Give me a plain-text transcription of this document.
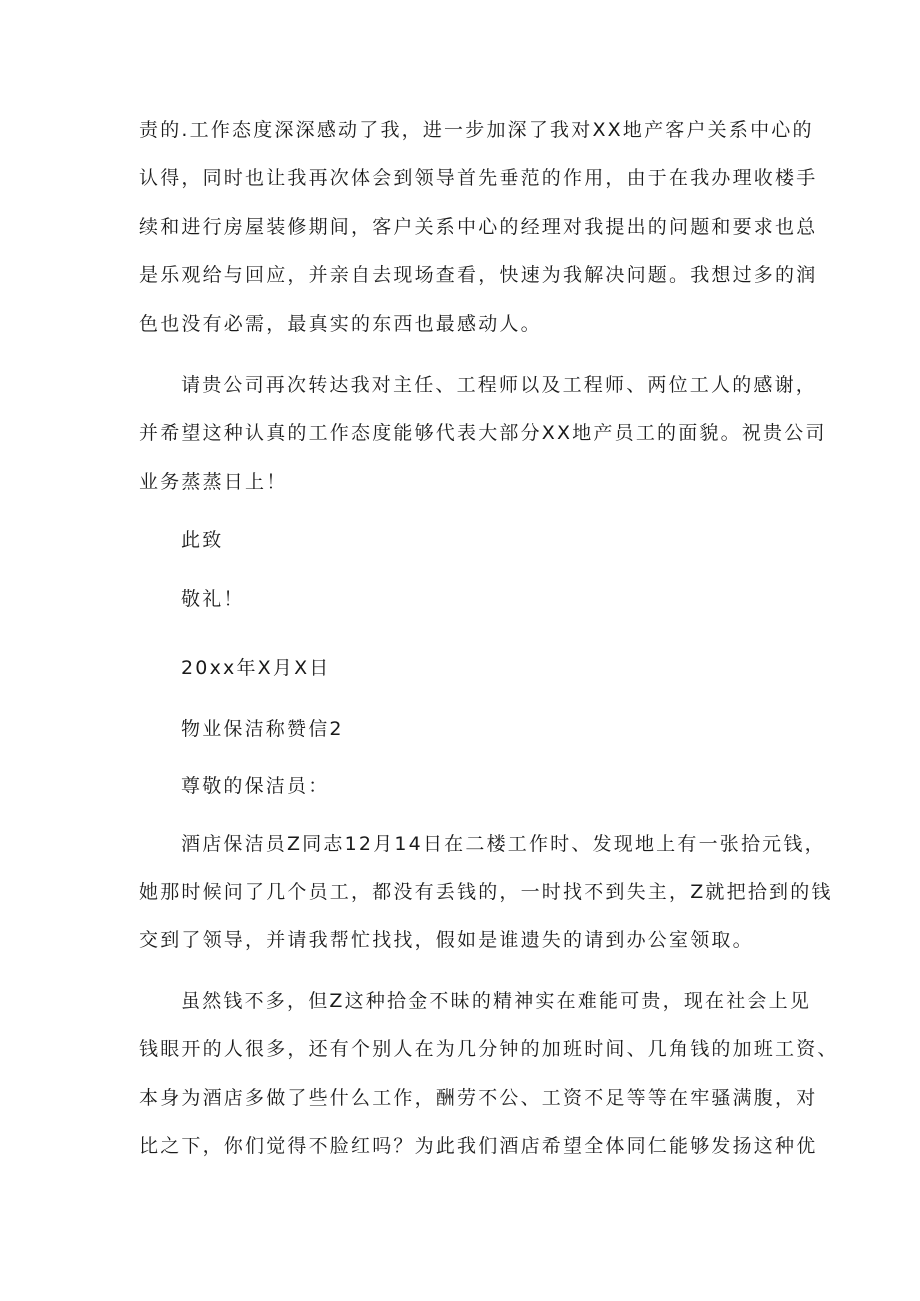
责的.工作态度深深感动了我，进一步加深了我对XX地产客户关系中心的
认得，同时也让我再次体会到领导首先垂范的作用，由于在我办理收楼手
续和进行房屋装修期间，客户关系中心的经理对我提出的问题和要求也总
是乐观给与回应，并亲自去现场查看，快速为我解决问题。我想过多的润
色也没有必需，最真实的东西也最感动人。
请贵公司再次转达我对主任、工程师以及工程师、两位工人的感谢，
并希望这种认真的工作态度能够代表大部分XX地产员工的面貌。祝贵公司
业务蒸蒸日上！
此致
敬礼！
20xx年X月X日
物业保洁称赞信2
尊敬的保洁员：
酒店保洁员Z同志12月14日在二楼工作时、发现地上有一张拾元钱，
她那时候问了几个员工，都没有丢钱的，一时找不到失主，Z就把拾到的钱
交到了领导，并请我帮忙找找，假如是谁遗失的请到办公室领取。
虽然钱不多，但Z这种拾金不昧的精神实在难能可贵，现在社会上见
钱眼开的人很多，还有个别人在为几分钟的加班时间、几角钱的加班工资、
本身为酒店多做了些什么工作，酬劳不公、工资不足等等在牢骚满腹，对
比之下，你们觉得不脸红吗？为此我们酒店希望全体同仁能够发扬这种优
